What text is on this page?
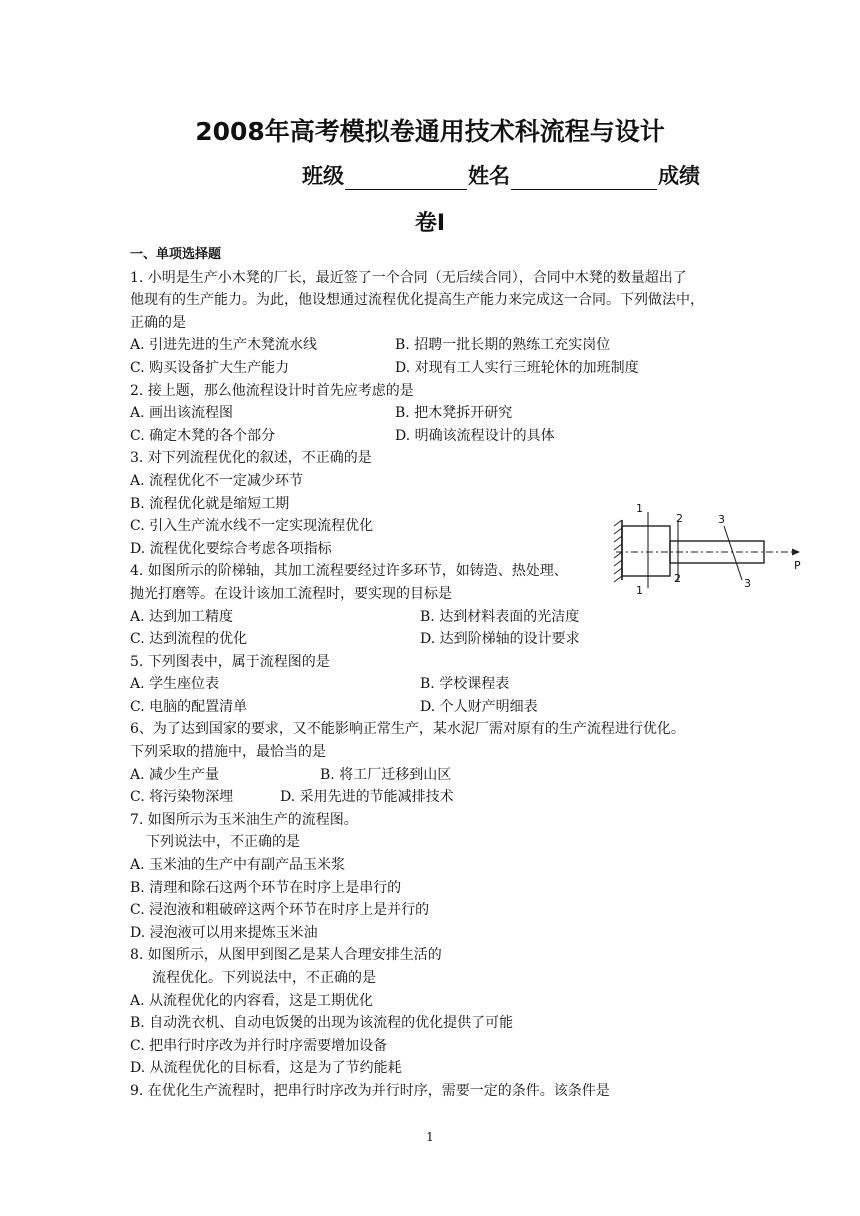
2008年高考模拟卷通用技术科流程与设计
班级	姓名	成绩
卷Ⅰ
一、单项选择题
1. 小明是生产小木凳的厂长，最近签了一个合同（无后续合同），合同中木凳的数量超出了
他现有的生产能力。为此，他设想通过流程优化提高生产能力来完成这一合同。下列做法中，
正确的是
A. 引进先进的生产木凳流水线	B. 招聘一批长期的熟练工充实岗位
C. 购买设备扩大生产能力	D. 对现有工人实行三班轮休的加班制度
2. 接上题，那么他流程设计时首先应考虑的是
A. 画出该流程图	B. 把木凳拆开研究
C. 确定木凳的各个部分	D. 明确该流程设计的具体
3. 对下列流程优化的叙述，不正确的是
A. 流程优化不一定减少环节
B. 流程优化就是缩短工期
C. 引入生产流水线不一定实现流程优化
D. 流程优化要综合考虑各项指标
4. 如图所示的阶梯轴，其加工流程要经过许多环节，如铸造、热处理、
抛光打磨等。在设计该加工流程时，要实现的目标是
A. 达到加工精度	B. 达到材料表面的光洁度
C. 达到流程的优化	D. 达到阶梯轴的设计要求
5. 下列图表中，属于流程图的是
A. 学生座位表	B. 学校课程表
C. 电脑的配置清单	D. 个人财产明细表
6、为了达到国家的要求，又不能影响正常生产，某水泥厂需对原有的生产流程进行优化。
下列采取的措施中，最恰当的是
A. 减少生产量	B. 将工厂迁移到山区
C. 将污染物深埋	D. 采用先进的节能减排技术
7. 如图所示为玉米油生产的流程图。
下列说法中，不正确的是
A. 玉米油的生产中有副产品玉米浆
B. 清理和除石这两个环节在时序上是串行的
C. 浸泡液和粗破碎这两个环节在时序上是并行的
D. 浸泡液可以用来提炼玉米油
8. 如图所示，从图甲到图乙是某人合理安排生活的
流程优化。下列说法中，不正确的是
A. 从流程优化的内容看，这是工期优化
B. 自动洗衣机、自动电饭煲的出现为该流程的优化提供了可能
C. 把串行时序改为并行时序需要增加设备
D. 从流程优化的目标看，这是为了节约能耗
9. 在优化生产流程时，把串行时序改为并行时序，需要一定的条件。该条件是
1
2	3
1
2	3
P
1
